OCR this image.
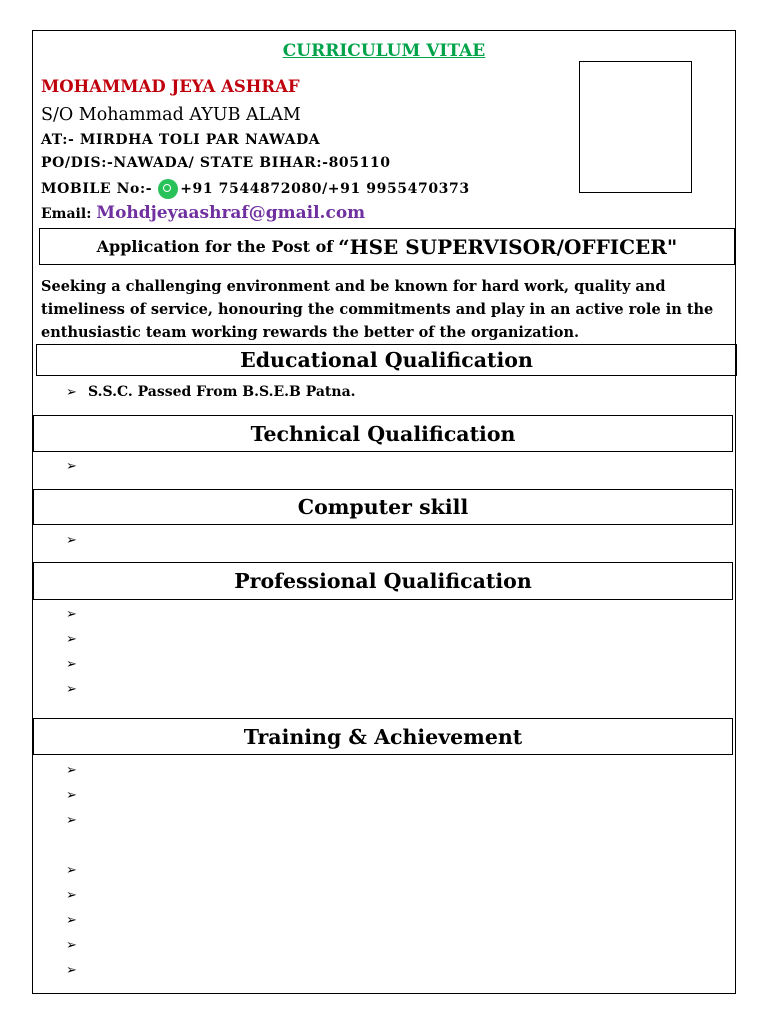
CURRICULUM VITAE
MOHAMMAD JEYA ASHRAF
S/O Mohammad AYUB ALAM
AT:- MIRDHA TOLI PAR NAWADA
PO/DIS:-NAWADA/ STATE BIHAR:-805110
MOBILE No:- +91 7544872080/+91 9955470373
Email: Mohdjeyaashraf@gmail.com
Application for the Post of “HSE SUPERVISOR/OFFICER"
Seeking a challenging environment and be known for hard work, quality and timeliness of service, honouring the commitments and play in an active role in the enthusiastic team working rewards the better of the organization.
Educational Qualification
➢ S.S.C. Passed From B.S.E.B Patna.
Technical Qualification
➢
Computer skill
➢
Professional Qualification
➢
➢
➢
➢
Training & Achievement
➢
➢
➢
➢
➢
➢
➢
➢
